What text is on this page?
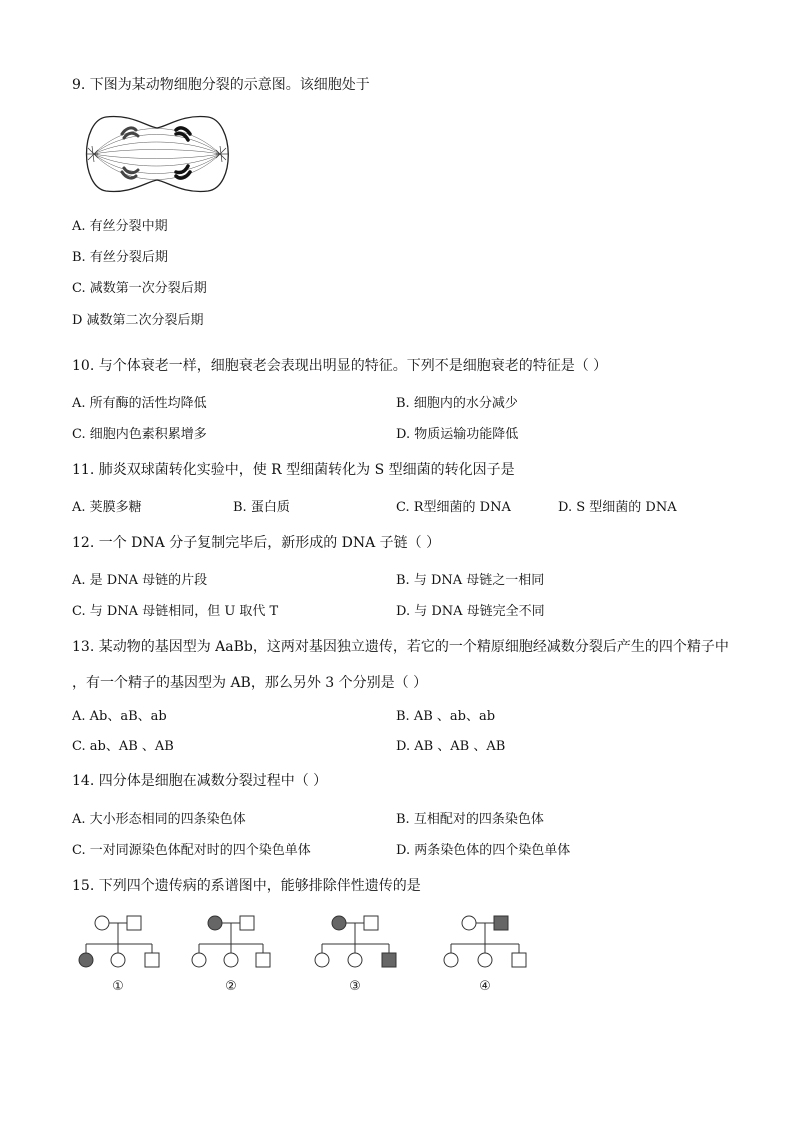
9. 下图为某动物细胞分裂的示意图。该细胞处于
A. 有丝分裂中期
B. 有丝分裂后期
C. 减数第一次分裂后期
D 减数第二次分裂后期
10. 与个体衰老一样，细胞衰老会表现出明显的特征。下列不是细胞衰老的特征是（ ）
A. 所有酶的活性均降低	B. 细胞内的水分减少
C. 细胞内色素积累增多	D. 物质运输功能降低
11. 肺炎双球菌转化实验中，使 R 型细菌转化为 S 型细菌的转化因子是
A. 荚膜多糖	B. 蛋白质	C. R型细菌的 DNA	D. S 型细菌的 DNA
12. 一个 DNA 分子复制完毕后，新形成的 DNA 子链（ ）
A. 是 DNA 母链的片段	B. 与 DNA 母链之一相同
C. 与 DNA 母链相同，但 U 取代 T	D. 与 DNA 母链完全不同
13. 某动物的基因型为 AaBb，这两对基因独立遗传，若它的一个精原细胞经减数分裂后产生的四个精子中
，有一个精子的基因型为 AB，那么另外 3 个分别是（ ）
A. Ab、aB、ab	B. AB 、ab、ab
C. ab、AB 、AB	D. AB 、AB 、AB
14. 四分体是细胞在减数分裂过程中（ ）
A. 大小形态相同的四条染色体	B. 互相配对的四条染色体
C. 一对同源染色体配对时的四个染色单体	D. 两条染色体的四个染色单体
15. 下列四个遗传病的系谱图中，能够排除伴性遗传的是
①	②	③	④
